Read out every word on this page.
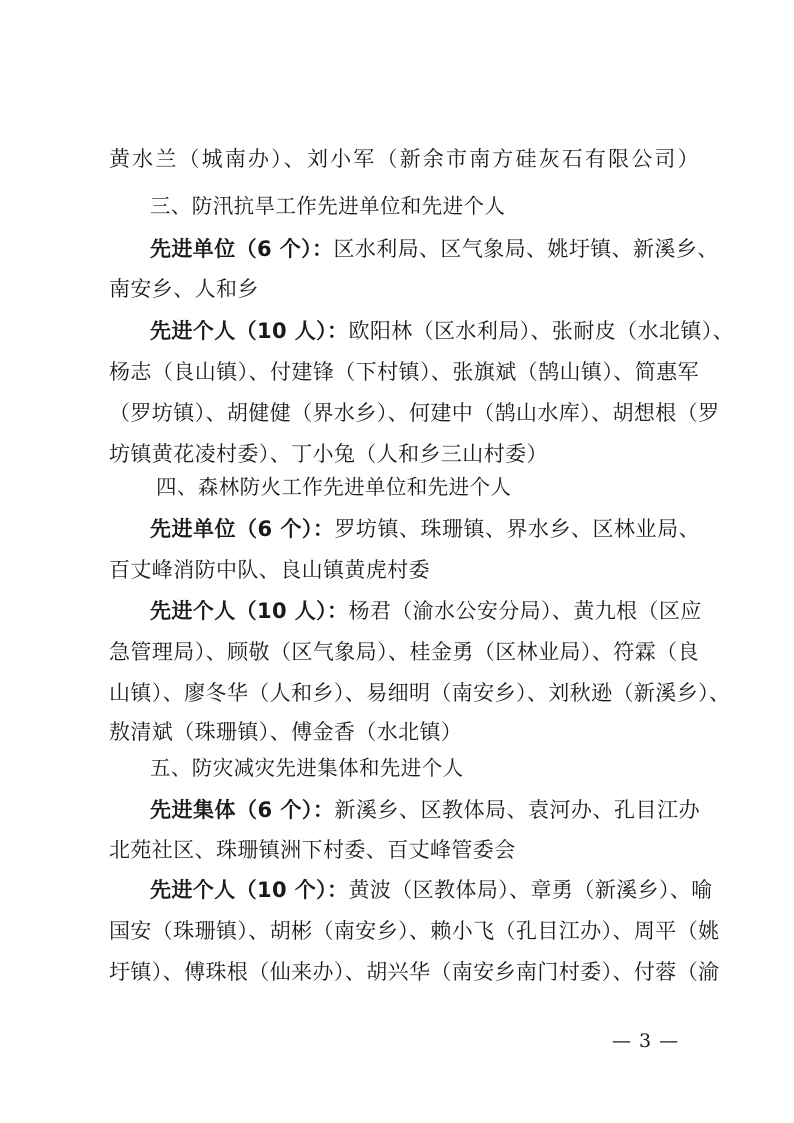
黄水兰（城南办）、刘小军（新余市南方硅灰石有限公司）
三、防汛抗旱工作先进单位和先进个人
先进单位（6 个）：区水利局、区气象局、姚圩镇、新溪乡、
南安乡、人和乡
先进个人（10 人）：欧阳林（区水利局）、张耐皮（水北镇）、
杨志（良山镇）、付建锋（下村镇）、张旗斌（鹄山镇）、简惠军
（罗坊镇）、胡健健（界水乡）、何建中（鹄山水库）、胡想根（罗
坊镇黄花凌村委）、丁小兔（人和乡三山村委）
四、森林防火工作先进单位和先进个人
先进单位（6 个）：罗坊镇、珠珊镇、界水乡、区林业局、
百丈峰消防中队、良山镇黄虎村委
先进个人（10 人）：杨君（渝水公安分局）、黄九根（区应
急管理局）、顾敬（区气象局）、桂金勇（区林业局）、符霖（良
山镇）、廖冬华（人和乡）、易细明（南安乡）、刘秋逊（新溪乡）、
敖清斌（珠珊镇）、傅金香（水北镇）
五、防灾减灾先进集体和先进个人
先进集体（6 个）：新溪乡、区教体局、袁河办、孔目江办
北苑社区、珠珊镇洲下村委、百丈峰管委会
先进个人（10 个）：黄波（区教体局）、章勇（新溪乡）、喻
国安（珠珊镇）、胡彬（南安乡）、赖小飞（孔目江办）、周平（姚
圩镇）、傅珠根（仙来办）、胡兴华（南安乡南门村委）、付蓉（渝
— 3 —
